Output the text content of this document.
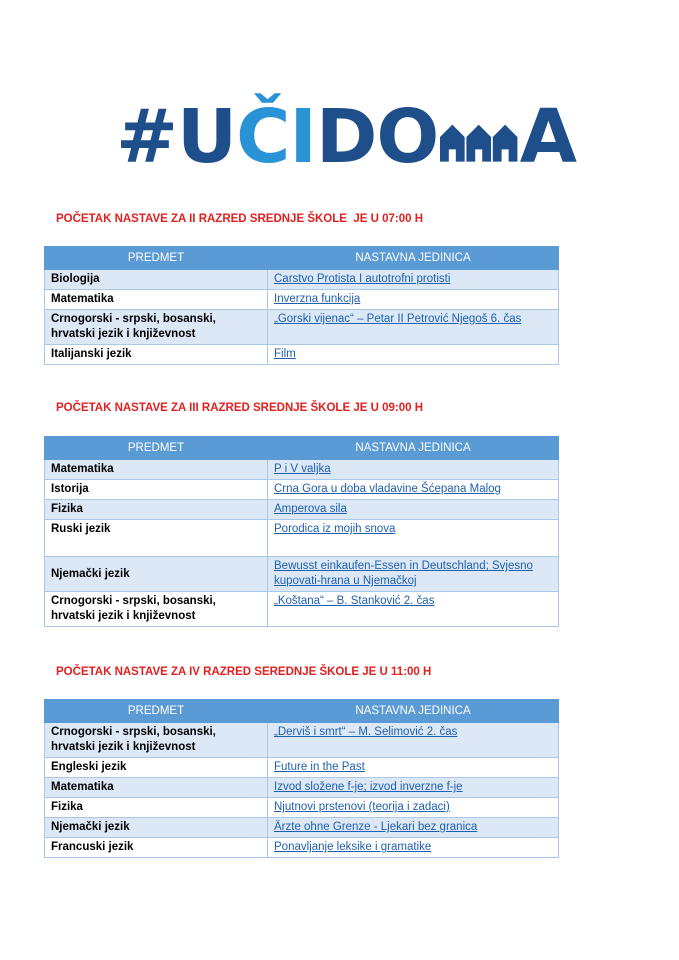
# U ČI DO A
POČETAK NASTAVE ZA II RAZRED SREDNJE ŠKOLE  JE U 07:00 H
PREDMET	NASTAVNA JEDINICA
Biologija	Carstvo Protista I autotrofni protisti
Matematika	Inverzna funkcija
Crnogorski - srpski, bosanski, hrvatski jezik i književnost	„Gorski vijenac“ – Petar II Petrović Njegoš 6. čas
Italijanski jezik	Film
POČETAK NASTAVE ZA III RAZRED SREDNJE ŠKOLE JE U 09:00 H
PREDMET	NASTAVNA JEDINICA
Matematika	P i V valjka
Istorija	Crna Gora u doba vladavine Šćepana Malog
Fizika	Amperova sila
Ruski jezik	Porodica iz mojih snova
Njemački jezik	Bewusst einkaufen-Essen in Deutschland; Svjesno kupovati-hrana u Njemačkoj
Crnogorski - srpski, bosanski, hrvatski jezik i književnost	„Koštana“ – B. Stanković 2. čas
POČETAK NASTAVE ZA IV RAZRED SEREDNJE ŠKOLE JE U 11:00 H
PREDMET	NASTAVNA JEDINICA
Crnogorski - srpski, bosanski, hrvatski jezik i književnost	„Derviš i smrt“ – M. Selimović 2. čas
Engleski jezik	Future in the Past
Matematika	Izvod složene f-je; izvod inverzne f-je
Fizika	Njutnovi prstenovi (teorija i zadaci)
Njemački jezik	Ärzte ohne Grenze - Ljekari bez granica
Francuski jezik	Ponavljanje leksike i gramatike
